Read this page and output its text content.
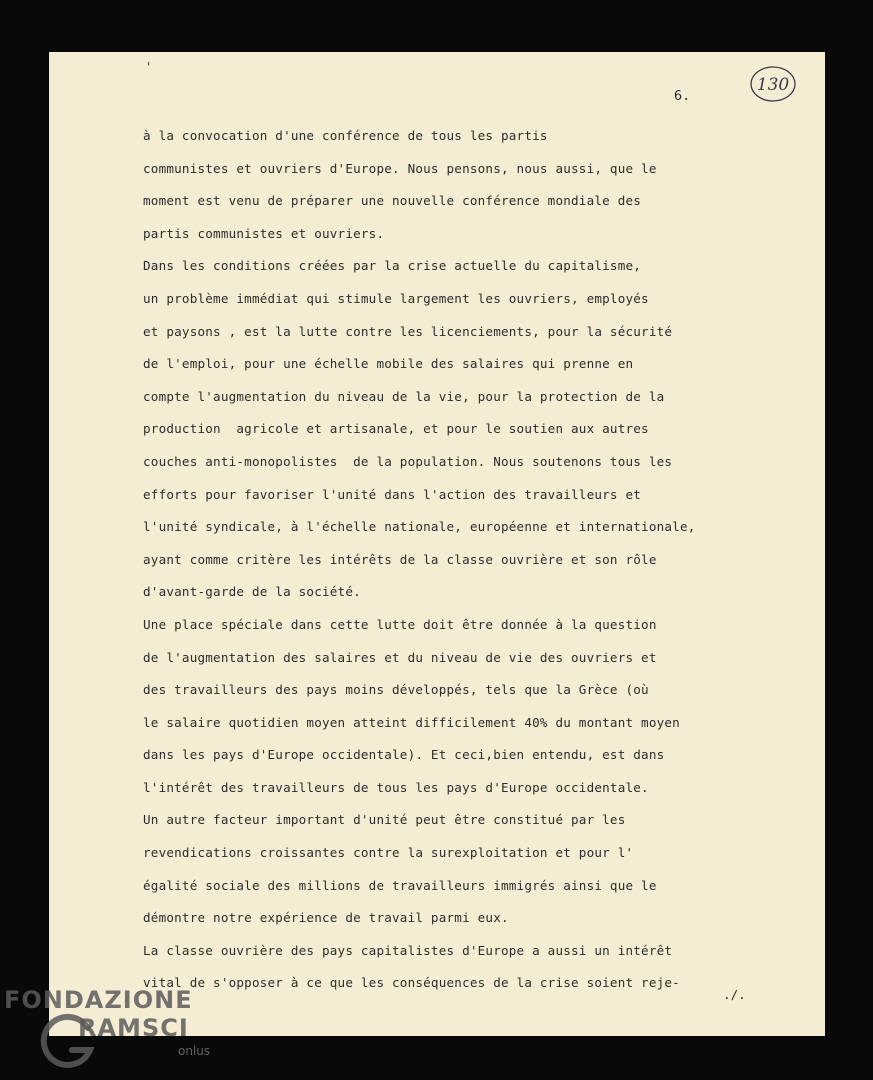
'
6.
130
à la convocation d'une conférence de tous les partis
communistes et ouvriers d'Europe. Nous pensons, nous aussi, que le
moment est venu de préparer une nouvelle conférence mondiale des
partis communistes et ouvriers.
Dans les conditions créées par la crise actuelle du capitalisme,
un problème immédiat qui stimule largement les ouvriers, employés
et paysons , est la lutte contre les licenciements, pour la sécurité
de l'emploi, pour une échelle mobile des salaires qui prenne en
compte l'augmentation du niveau de la vie, pour la protection de la
production  agricole et artisanale, et pour le soutien aux autres
couches anti-monopolistes  de la population. Nous soutenons tous les
efforts pour favoriser l'unité dans l'action des travailleurs et
l'unité syndicale, à l'échelle nationale, européenne et internationale,
ayant comme critère les intérêts de la classe ouvrière et son rôle
d'avant-garde de la société.
Une place spéciale dans cette lutte doit être donnée à la question
de l'augmentation des salaires et du niveau de vie des ouvriers et
des travailleurs des pays moins développés, tels que la Grèce (où
le salaire quotidien moyen atteint difficilement 40% du montant moyen
dans les pays d'Europe occidentale). Et ceci,bien entendu, est dans
l'intérêt des travailleurs de tous les pays d'Europe occidentale.
Un autre facteur important d'unité peut être constitué par les
revendications croissantes contre la surexploitation et pour l'
égalité sociale des millions de travailleurs immigrés ainsi que le
démontre notre expérience de travail parmi eux.
La classe ouvrière des pays capitalistes d'Europe a aussi un intérêt
vital de s'opposer à ce que les conséquences de la crise soient reje-
./.
FONDAZIONE
RAMSCI
onlus
